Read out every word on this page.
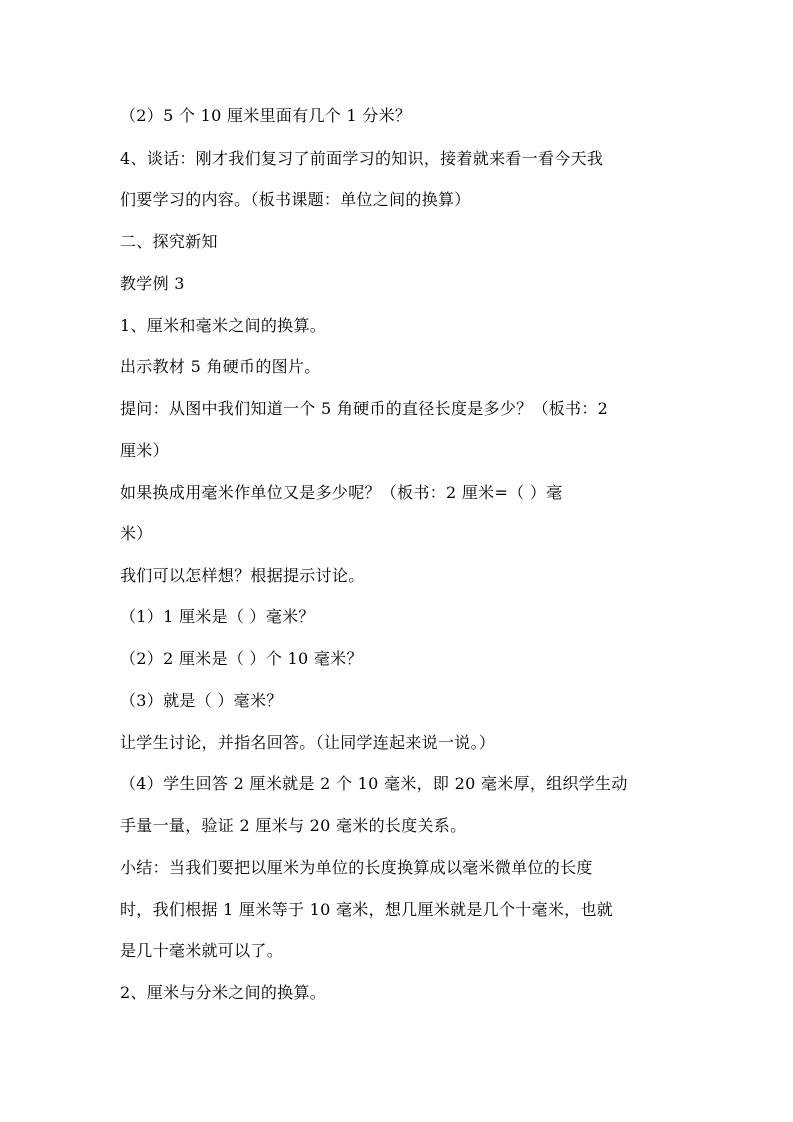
（2）5 个 10 厘米里面有几个 1 分米？
4、谈话：刚才我们复习了前面学习的知识，接着就来看一看今天我
们要学习的内容。（板书课题：单位之间的换算）
二、探究新知
教学例 3
1、厘米和毫米之间的换算。
出示教材 5 角硬币的图片。
提问：从图中我们知道一个 5 角硬币的直径长度是多少？（板书：2
厘米）
如果换成用毫米作单位又是多少呢？（板书：2 厘米=（ ）毫
米）
我们可以怎样想？根据提示讨论。
（1）1 厘米是（ ）毫米？
（2）2 厘米是（ ）个 10 毫米？
（3）就是（ ）毫米？
让学生讨论，并指名回答。（让同学连起来说一说。）
（4）学生回答 2 厘米就是 2 个 10 毫米，即 20 毫米厚，组织学生动
手量一量，验证 2 厘米与 20 毫米的长度关系。
小结：当我们要把以厘米为单位的长度换算成以毫米微单位的长度
时，我们根据 1 厘米等于 10 毫米，想几厘米就是几个十毫米，也就
是几十毫米就可以了。
2、厘米与分米之间的换算。
